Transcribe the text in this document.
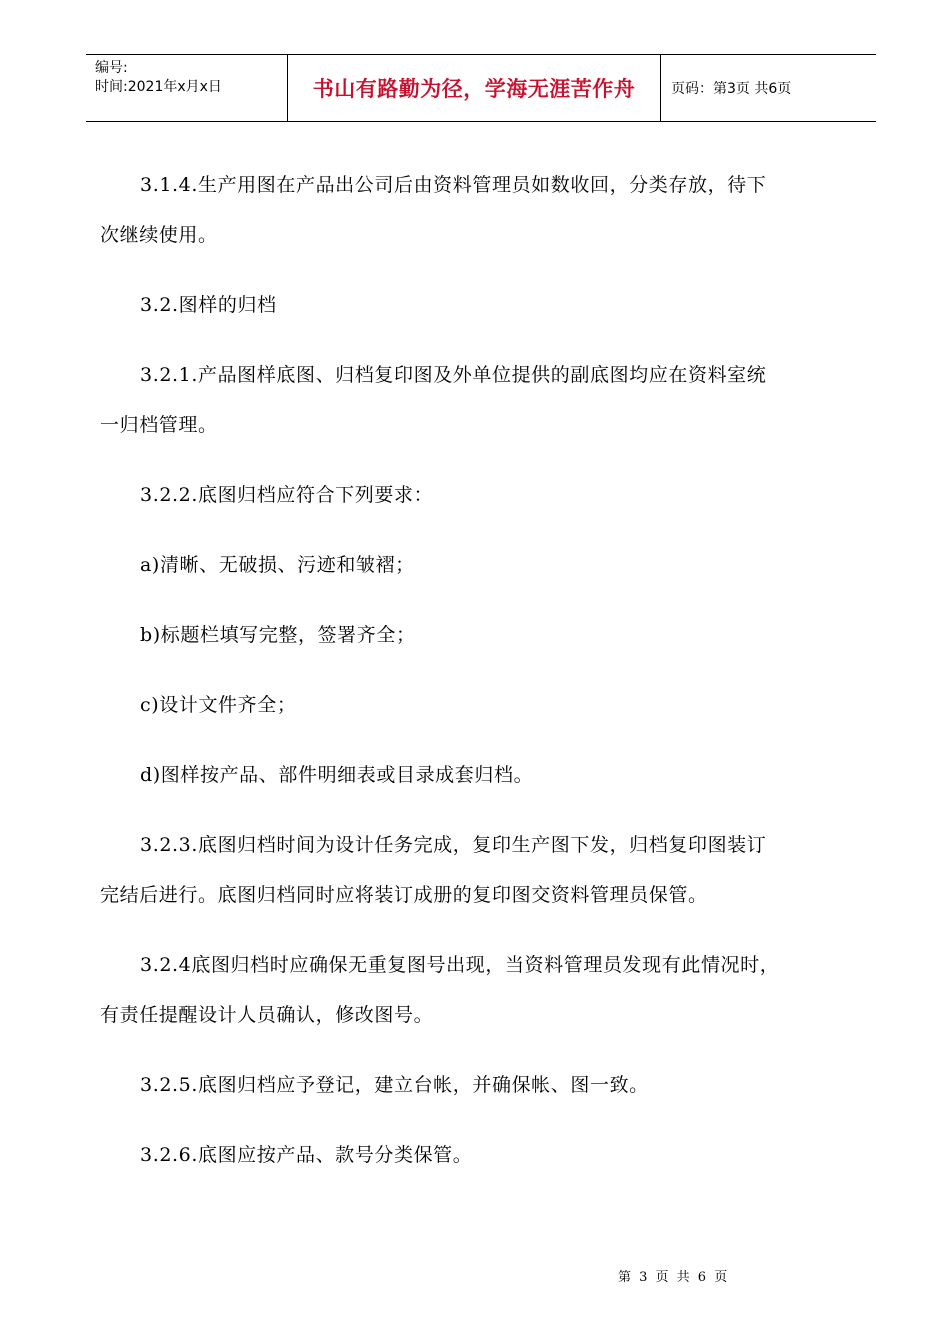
编号:
时间:2021年x月x日	书山有路勤为径，学海无涯苦作舟	页码：第3页 共6页

3.1.4.生产用图在产品出公司后由资料管理员如数收回，分类存放，待下
次继续使用。

3.2.图样的归档

3.2.1.产品图样底图、归档复印图及外单位提供的副底图均应在资料室统
一归档管理。

3.2.2.底图归档应符合下列要求：

a)清晰、无破损、污迹和皱褶；

b)标题栏填写完整，签署齐全；

c)设计文件齐全；

d)图样按产品、部件明细表或目录成套归档。

3.2.3.底图归档时间为设计任务完成，复印生产图下发，归档复印图装订
完结后进行。底图归档同时应将装订成册的复印图交资料管理员保管。

3.2.4底图归档时应确保无重复图号出现，当资料管理员发现有此情况时，
有责任提醒设计人员确认，修改图号。

3.2.5.底图归档应予登记，建立台帐，并确保帐、图一致。

3.2.6.底图应按产品、款号分类保管。

第 3 页 共 6 页
